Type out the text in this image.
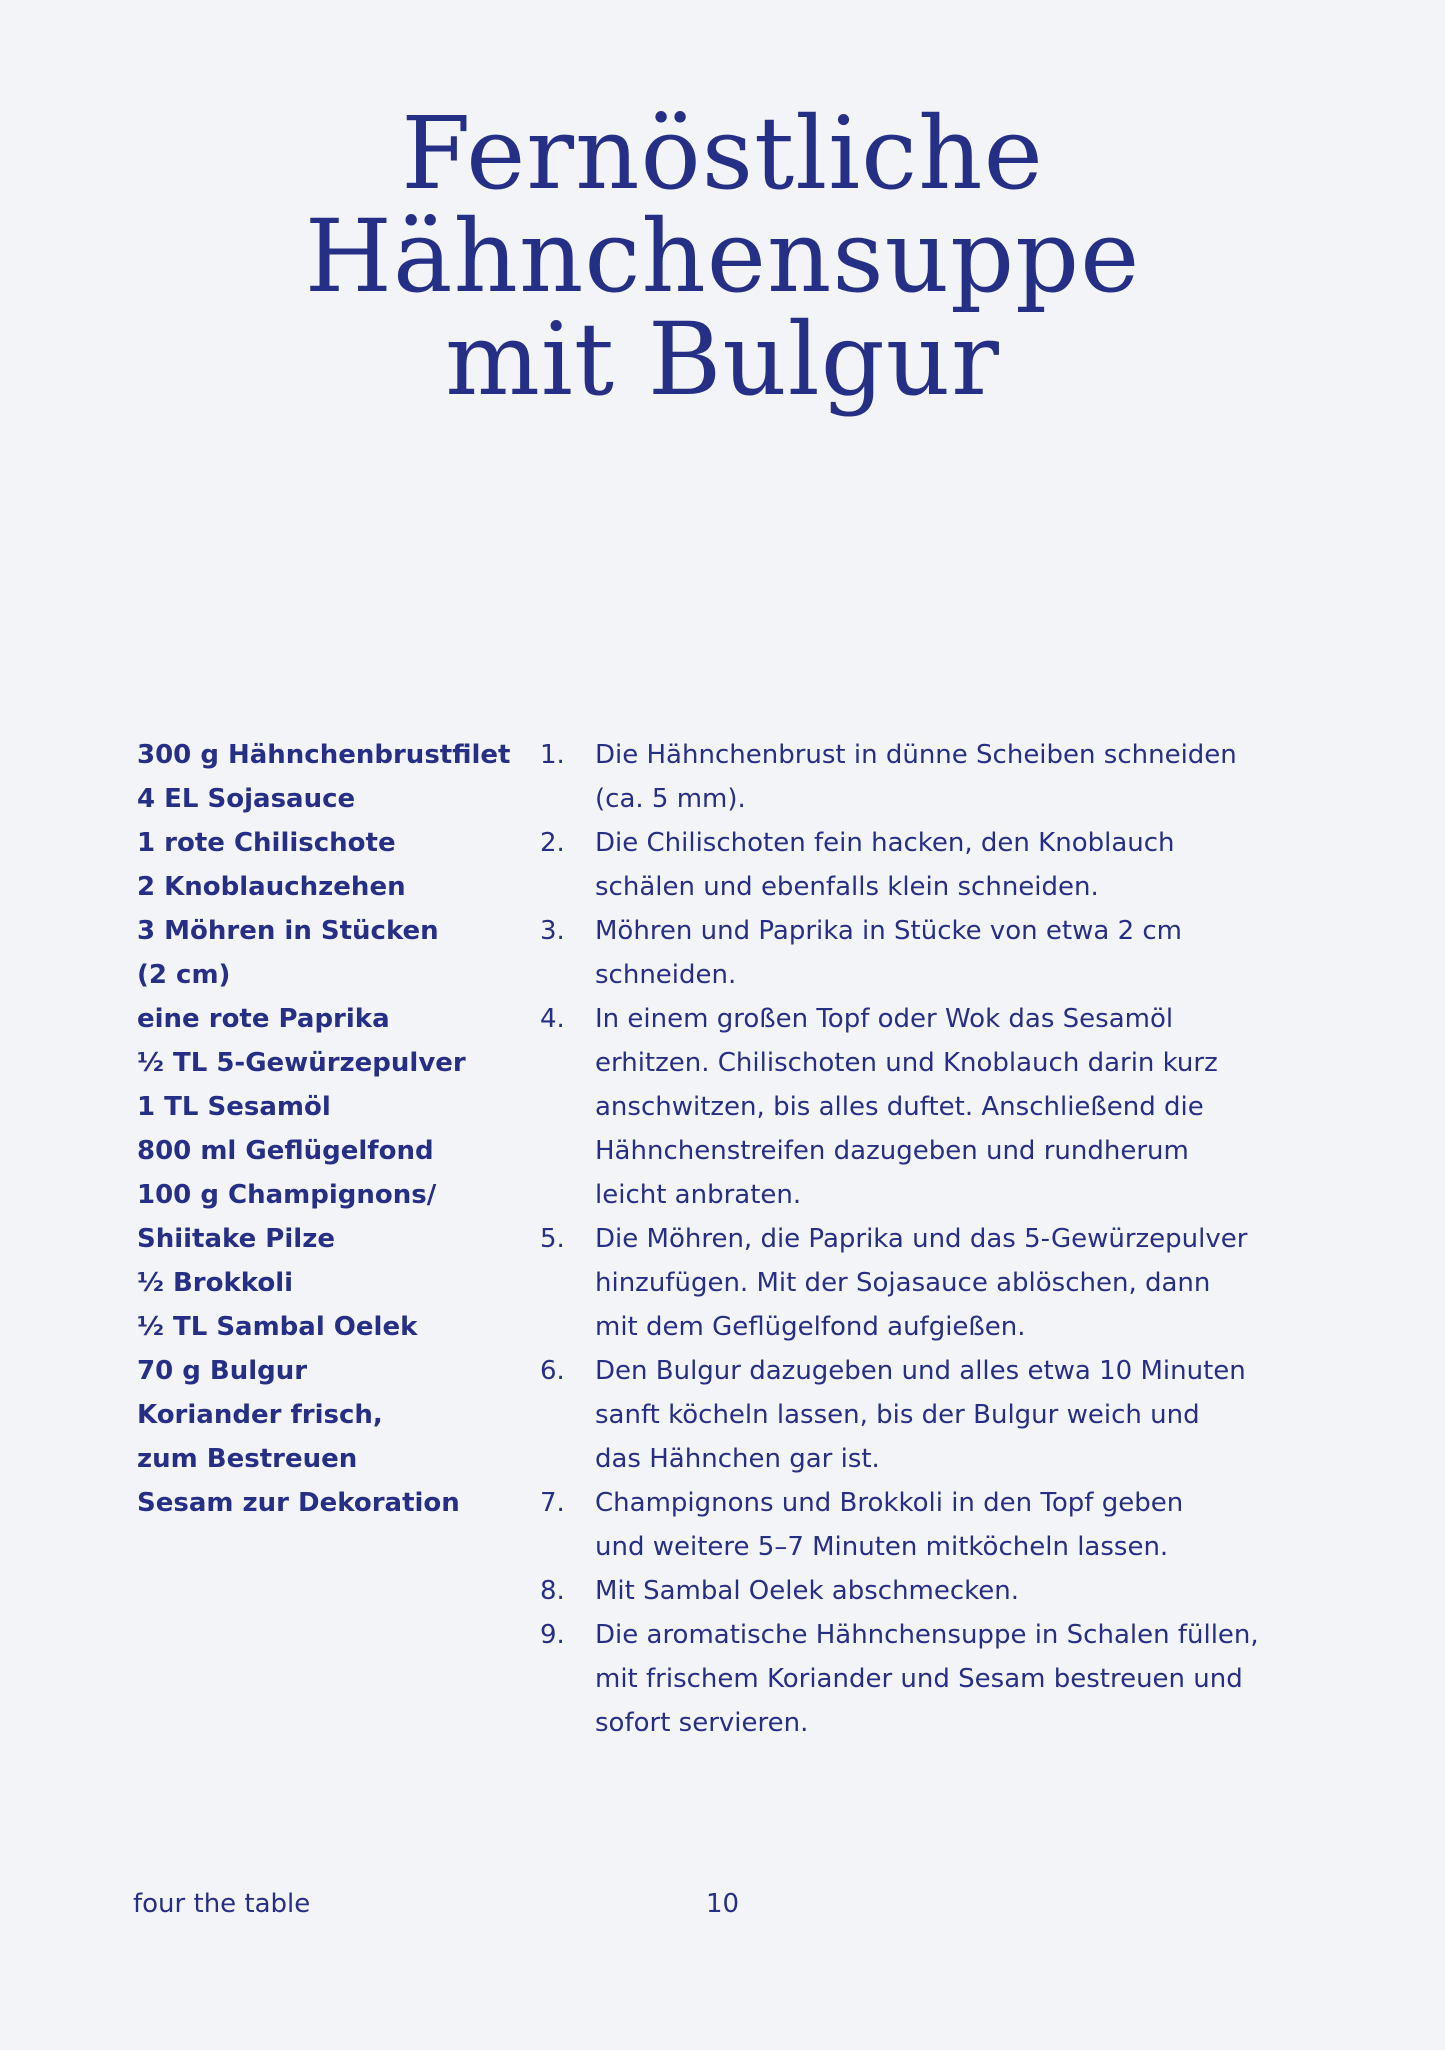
Fernöstliche
Hähnchensuppe
mit Bulgur
300 g Hähnchenbrustfilet
4 EL Sojasauce
1 rote Chilischote
2 Knoblauchzehen
3 Möhren in Stücken
(2 cm)
eine rote Paprika
½ TL 5-Gewürzepulver
1 TL Sesamöl
800 ml Geflügelfond
100 g Champignons/
Shiitake Pilze
½ Brokkoli
½ TL Sambal Oelek
70 g Bulgur
Koriander frisch,
zum Bestreuen
Sesam zur Dekoration
1. Die Hähnchenbrust in dünne Scheiben schneiden
(ca. 5 mm).
2. Die Chilischoten fein hacken, den Knoblauch
schälen und ebenfalls klein schneiden.
3. Möhren und Paprika in Stücke von etwa 2 cm
schneiden.
4. In einem großen Topf oder Wok das Sesamöl
erhitzen. Chilischoten und Knoblauch darin kurz
anschwitzen, bis alles duftet. Anschließend die
Hähnchenstreifen dazugeben und rundherum
leicht anbraten.
5. Die Möhren, die Paprika und das 5-Gewürzepulver
hinzufügen. Mit der Sojasauce ablöschen, dann
mit dem Geflügelfond aufgießen.
6. Den Bulgur dazugeben und alles etwa 10 Minuten
sanft köcheln lassen, bis der Bulgur weich und
das Hähnchen gar ist.
7. Champignons und Brokkoli in den Topf geben
und weitere 5–7 Minuten mitköcheln lassen.
8. Mit Sambal Oelek abschmecken.
9. Die aromatische Hähnchensuppe in Schalen füllen,
mit frischem Koriander und Sesam bestreuen und
sofort servieren.
four the table	10
